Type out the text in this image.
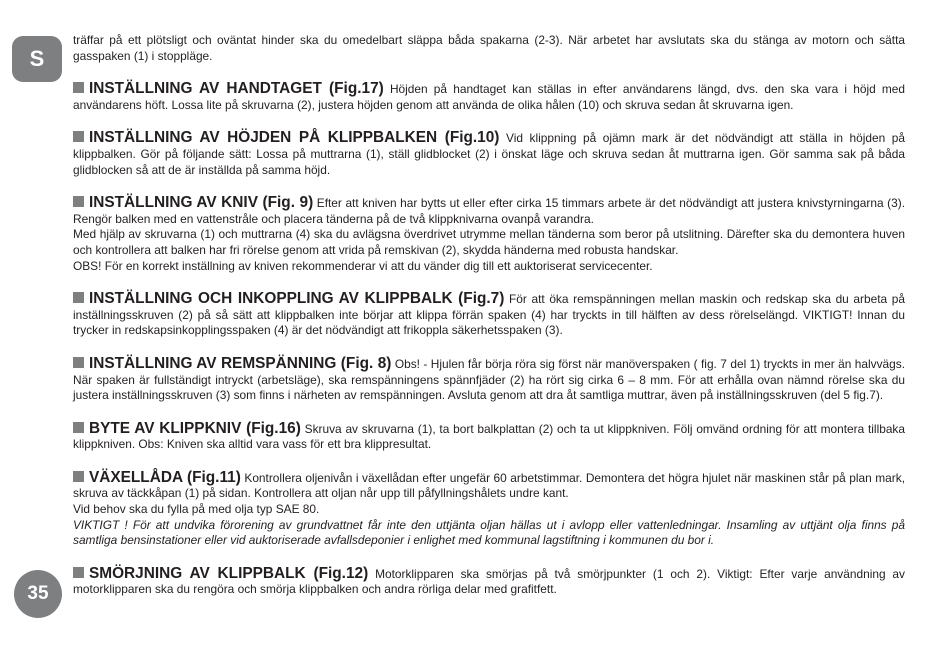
S
35

träffar på ett plötsligt och oväntat hinder ska du omedelbart släppa båda spakarna (2-3). När arbetet har avslutats ska du stänga av motorn och sätta gasspaken (1) i stoppläge.

INSTÄLLNING AV HANDTAGET (Fig.17) Höjden på handtaget kan ställas in efter användarens längd, dvs. den ska vara i höjd med användarens höft. Lossa lite på skruvarna (2), justera höjden genom att använda de olika hålen (10) och skruva sedan åt skruvarna igen.

INSTÄLLNING AV HÖJDEN PÅ KLIPPBALKEN (Fig.10) Vid klippning på ojämn mark är det nödvändigt att ställa in höjden på klippbalken. Gör på följande sätt: Lossa på muttrarna (1), ställ glidblocket (2) i önskat läge och skruva sedan åt muttrarna igen. Gör samma sak på båda glidblocken så att de är inställda på samma höjd.

INSTÄLLNING AV KNIV (Fig. 9) Efter att kniven har bytts ut eller efter cirka 15 timmars arbete är det nödvändigt att justera knivstyrningarna (3). Rengör balken med en vattenstråle och placera tänderna på de två klippknivarna ovanpå varandra.

Med hjälp av skruvarna (1) och muttrarna (4) ska du avlägsna överdrivet utrymme mellan tänderna som beror på utslitning. Därefter ska du demontera huven och kontrollera att balken har fri rörelse genom att vrida på remskivan (2), skydda händerna med robusta handskar.

OBS! För en korrekt inställning av kniven rekommenderar vi att du vänder dig till ett auktoriserat servicecenter.

INSTÄLLNING OCH INKOPPLING AV KLIPPBALK (Fig.7) För att öka remspänningen mellan maskin och redskap ska du arbeta på inställningsskruven (2) på så sätt att klippbalken inte börjar att klippa förrän spaken (4) har tryckts in till hälften av dess rörelselängd. VIKTIGT! Innan du trycker in redskapsinkopplingsspaken (4) är det nödvändigt att frikoppla säkerhetsspaken (3).

INSTÄLLNING AV REMSPÄNNING (Fig. 8) Obs! - Hjulen får börja röra sig först när manöverspaken ( fig. 7 del 1) tryckts in mer än halvvägs. När spaken är fullständigt intryckt (arbetsläge), ska remspänningens spännfjäder (2) ha rört sig cirka 6 – 8 mm. För att erhålla ovan nämnd rörelse ska du justera inställningsskruven (3) som finns i närheten av remspänningen. Avsluta genom att dra åt samtliga muttrar, även på inställningsskruven (del 5 fig.7).

BYTE AV KLIPPKNIV (Fig.16) Skruva av skruvarna (1), ta bort balkplattan (2) och ta ut klippkniven. Följ omvänd ordning för att montera tillbaka klippkniven. Obs: Kniven ska alltid vara vass för ett bra klippresultat.

VÄXELLÅDA (Fig.11) Kontrollera oljenivån i växellådan efter ungefär 60 arbetstimmar. Demontera det högra hjulet när maskinen står på plan mark, skruva av täckkåpan (1) på sidan. Kontrollera att oljan når upp till påfyllningshålets undre kant.

Vid behov ska du fylla på med olja typ SAE 80.

VIKTIGT ! För att undvika förorening av grundvattnet får inte den uttjänta oljan hällas ut i avlopp eller vattenledningar. Insamling av uttjänt olja finns på samtliga bensinstationer eller vid auktoriserade avfallsdeponier i enlighet med kommunal lagstiftning i kommunen du bor i.

SMÖRJNING AV KLIPPBALK (Fig.12) Motorklipparen ska smörjas på två smörjpunkter (1 och 2). Viktigt: Efter varje användning av motorklipparen ska du rengöra och smörja klippbalken och andra rörliga delar med grafitfett.
